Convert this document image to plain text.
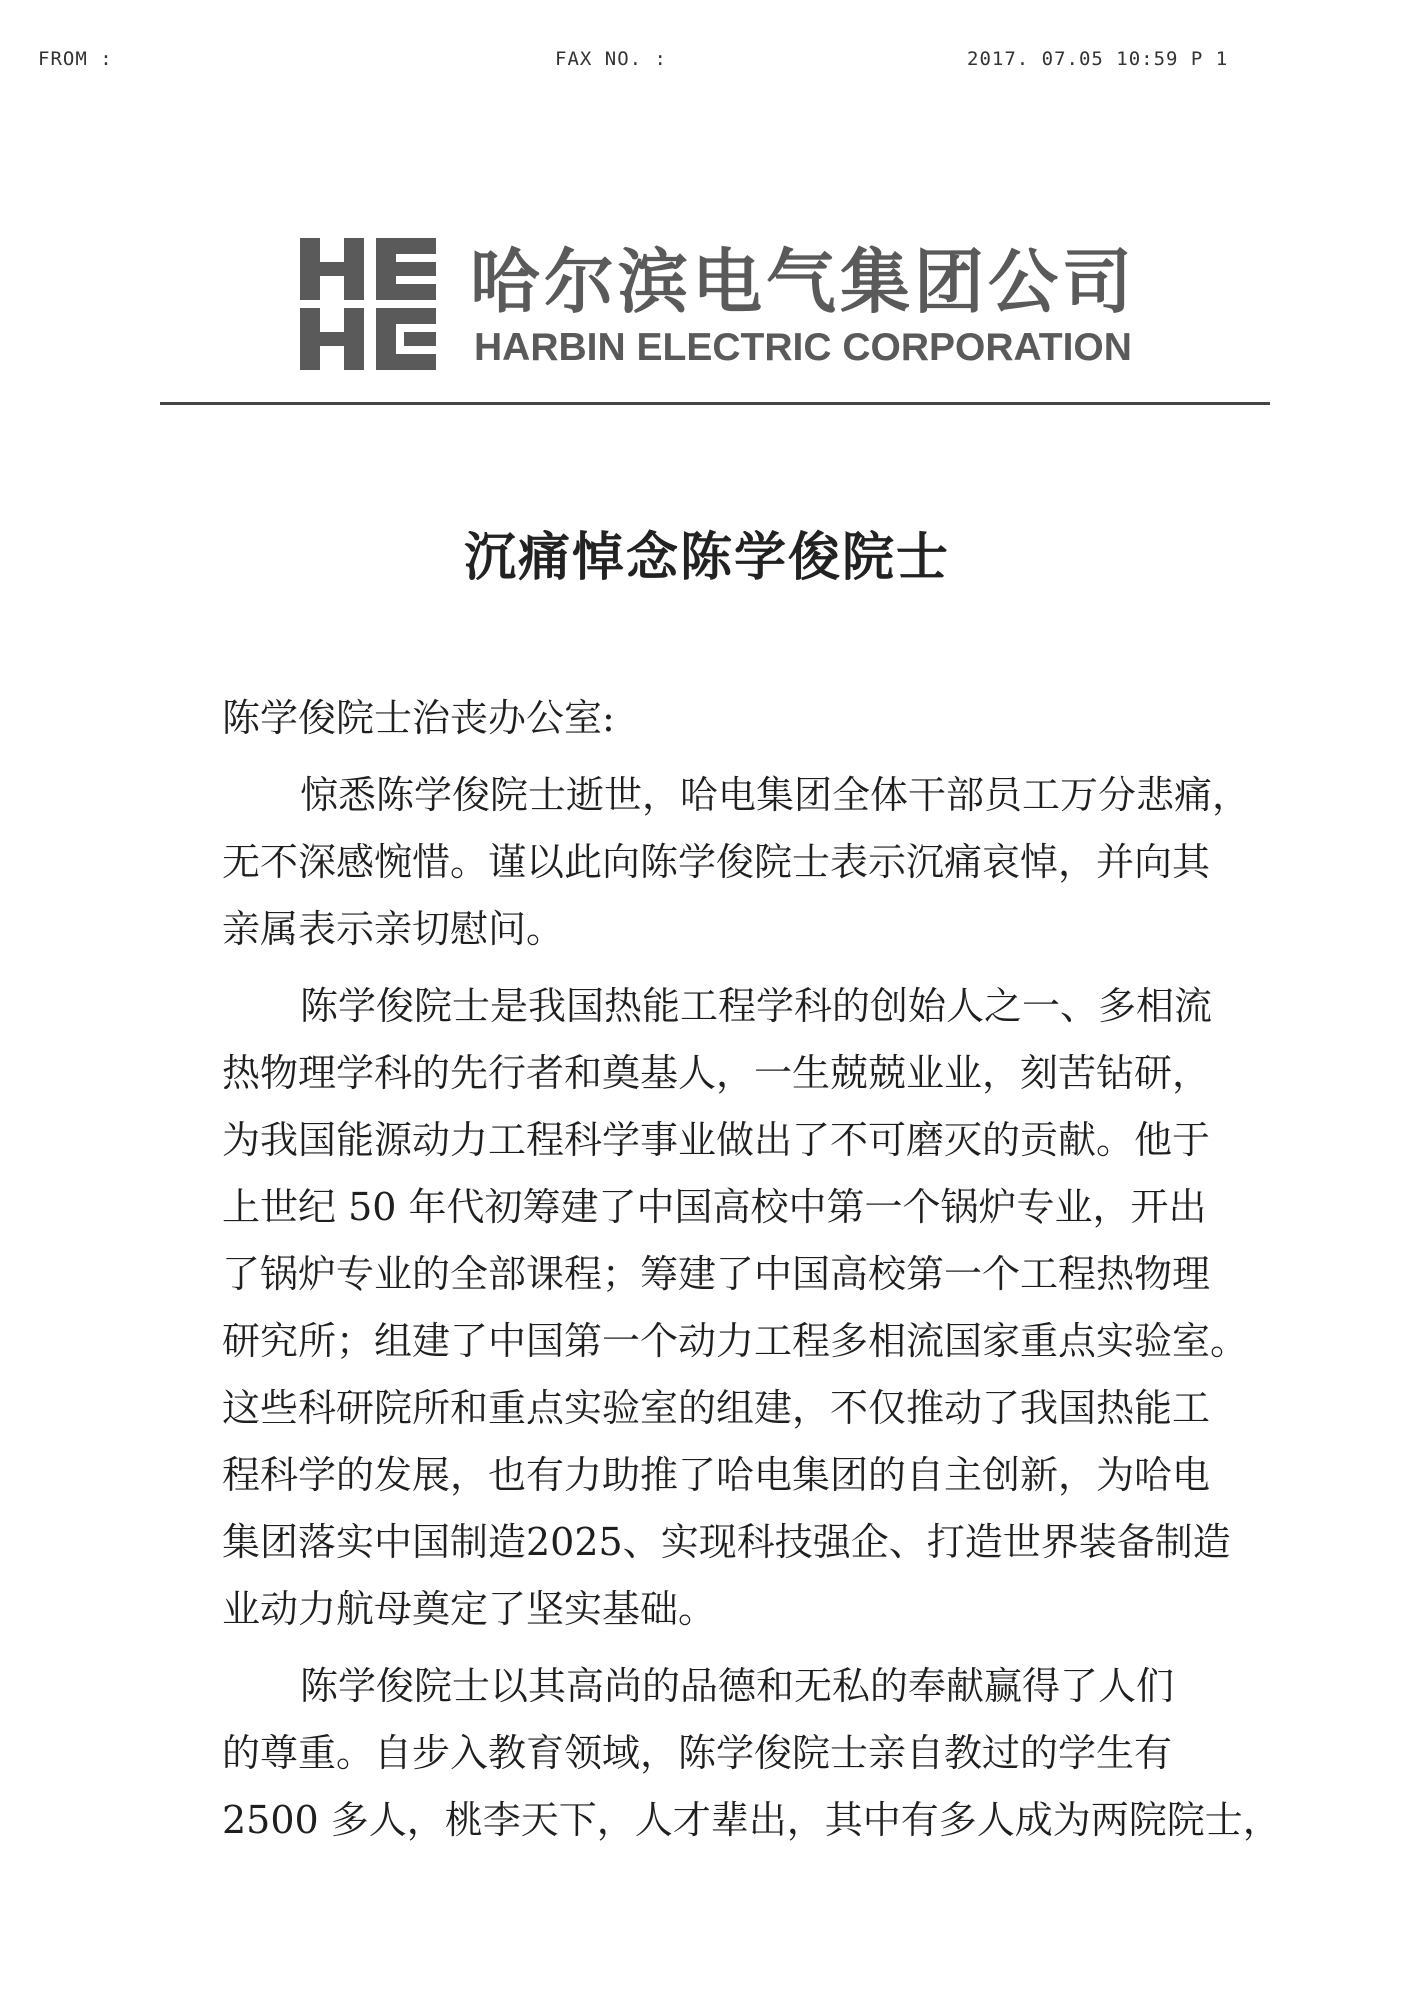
FROM :	FAX NO. :	2017. 07.05 10:59 P 1
哈尔滨电气集团公司
HARBIN ELECTRIC CORPORATION
沉痛悼念陈学俊院士
陈学俊院士治丧办公室:
惊悉陈学俊院士逝世，哈电集团全体干部员工万分悲痛，
无不深感惋惜。谨以此向陈学俊院士表示沉痛哀悼，并向其
亲属表示亲切慰问。
陈学俊院士是我国热能工程学科的创始人之一、多相流
热物理学科的先行者和奠基人，一生兢兢业业，刻苦钻研，
为我国能源动力工程科学事业做出了不可磨灭的贡献。他于
上世纪 50 年代初筹建了中国高校中第一个锅炉专业，开出
了锅炉专业的全部课程；筹建了中国高校第一个工程热物理
研究所；组建了中国第一个动力工程多相流国家重点实验室。
这些科研院所和重点实验室的组建，不仅推动了我国热能工
程科学的发展，也有力助推了哈电集团的自主创新，为哈电
集团落实中国制造2025、实现科技强企、打造世界装备制造
业动力航母奠定了坚实基础。
陈学俊院士以其高尚的品德和无私的奉献赢得了人们
的尊重。自步入教育领域，陈学俊院士亲自教过的学生有
2500 多人，桃李天下，人才辈出，其中有多人成为两院院士，
